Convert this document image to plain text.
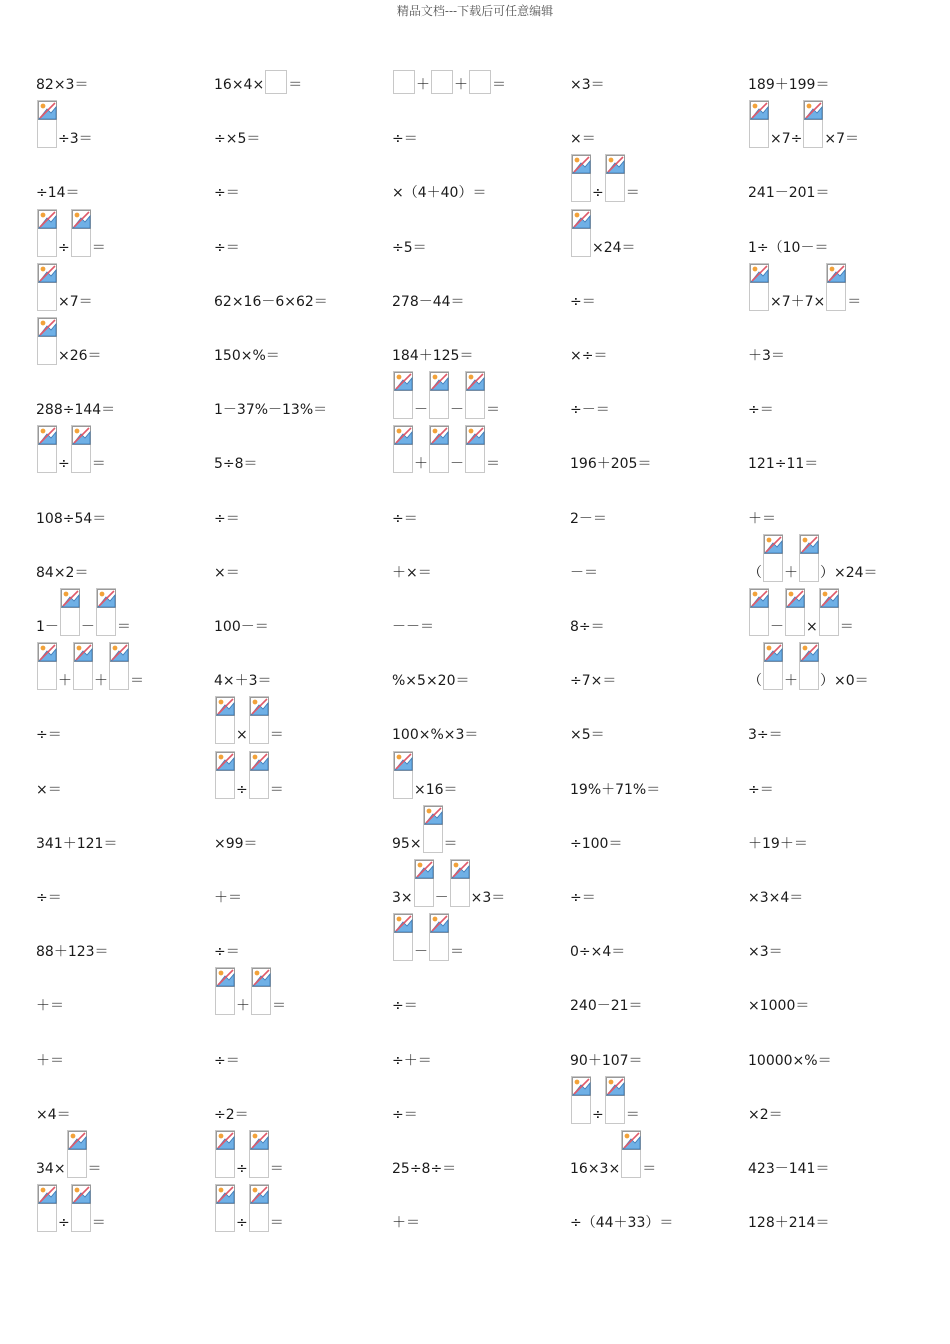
精品文档---下载后可任意编辑
82×3＝
÷3＝
÷14＝
÷ ＝
×7＝
×26＝
288÷144＝
÷ ＝
108÷54＝
84×2＝
1－ － ＝
＋ ＋ ＝
÷＝
×＝
341＋121＝
÷＝
88＋123＝
＋＝
＋＝
×4＝
34× ＝
÷ ＝
16×4× ＝
÷×5＝
÷＝
÷＝
62×16－6×62＝
150×%＝
1－37%－13%＝
5÷8＝
÷＝
×＝
100－＝
4×＋3＝
× ＝
÷ ＝
×99＝
＋＝
÷＝
＋ ＝
÷＝
÷2＝
÷ ＝
÷ ＝
＋ ＋ ＝
÷＝
×（4＋40）＝
÷5＝
278－44＝
184＋125＝
－ － ＝
＋ － ＝
÷＝
＋×＝
－－＝
%×5×20＝
100×%×3＝
×16＝
95× ＝
3× － ×3＝
－ ＝
÷＝
÷＋＝
÷＝
25÷8÷＝
＋＝
×3＝
×＝
÷ ＝
×24＝
÷＝
×÷＝
÷－＝
196＋205＝
2－＝
－＝
8÷＝
÷7×＝
×5＝
19%＋71%＝
÷100＝
÷＝
0÷×4＝
240－21＝
90＋107＝
÷ ＝
16×3× ＝
÷（44＋33）＝
189＋199＝
×7÷ ×7＝
241－201＝
1÷（10－＝
×7＋7× ＝
＋3＝
÷＝
121÷11＝
＋＝
（ ＋ ）×24＝
－ × ＝
（ ＋ ）×0＝
3÷＝
÷＝
＋19＋＝
×3×4＝
×3＝
×1000＝
10000×%＝
×2＝
423－141＝
128＋214＝
